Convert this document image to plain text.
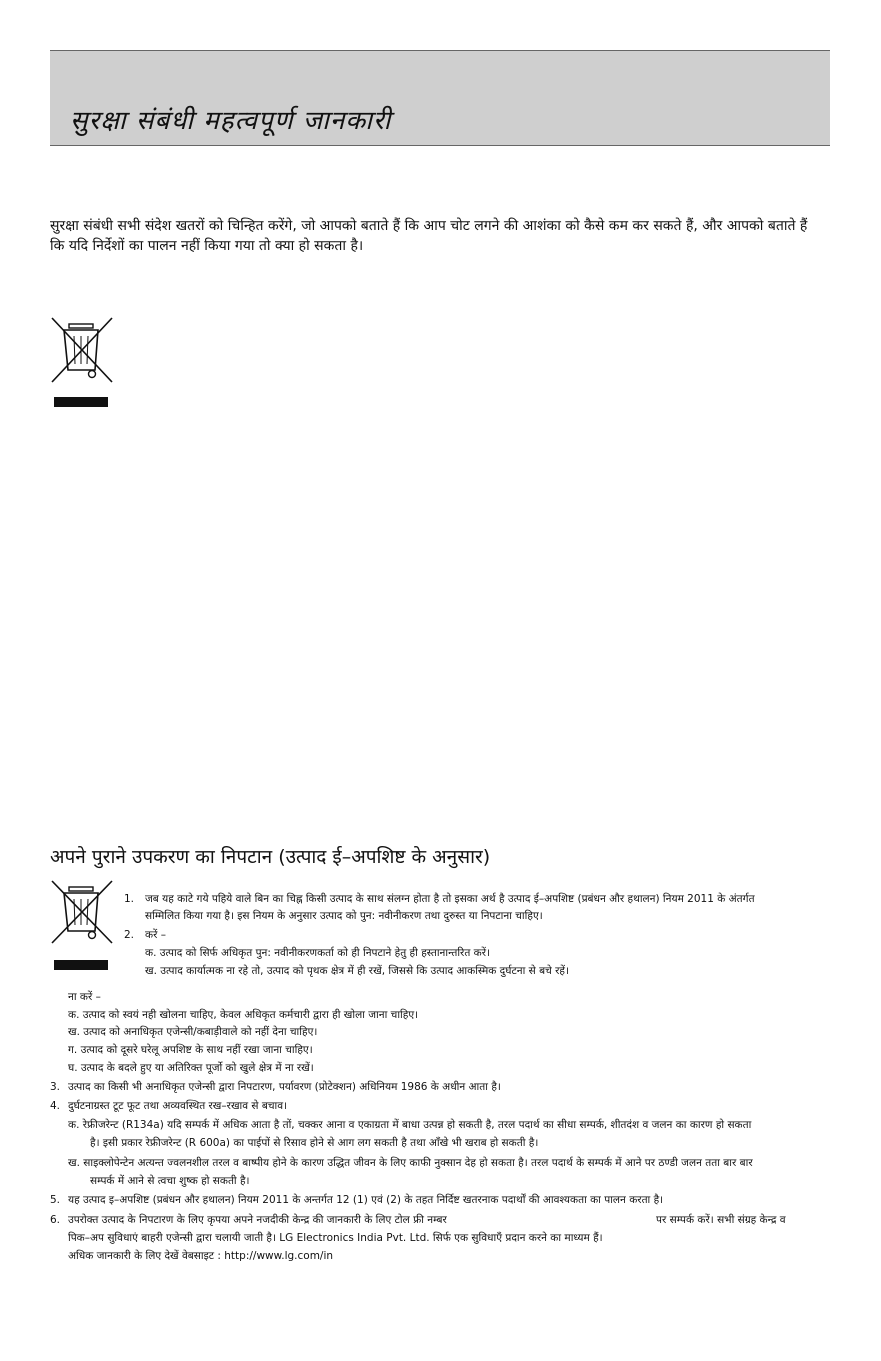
सुरक्षा संबंधी महत्वपूर्ण जानकारी

सुरक्षा संबंधी सभी संदेश खतरों को चिन्हित करेंगे, जो आपको बताते हैं कि आप चोट लगने की आशंका को कैसे कम कर सकते हैं, और आपको बताते हैं कि यदि निर्देशों का पालन नहीं किया गया तो क्या हो सकता है।

अपने पुराने उपकरण का निपटान (उत्पाद ई–अपशिष्ट के अनुसार)
1. जब यह काटे गये पहिये वाले बिन का चिह्न किसी उत्पाद के साथ संलग्न होता है तो इसका अर्थ है उत्पाद ई–अपशिष्ट (प्रबंधन और हथालन) नियम 2011 के अंतर्गत
सम्मिलित किया गया है। इस नियम के अनुसार उत्पाद को पुन: नवीनीकरण तथा दुरुस्त या निपटाना चाहिए।
2. करें –
क. उत्पाद को सिर्फ अधिकृत पुन: नवीनीकरणकर्ता को ही निपटाने हेतु ही हस्तानान्तरित करें।
ख. उत्पाद कार्यात्मक ना रहे तो, उत्पाद को पृथक क्षेत्र में ही रखें, जिससे कि उत्पाद आकस्मिक दुर्घटना से बचे रहें।
ना करें –
क. उत्पाद को स्वयं नही खोलना चाहिए, केवल अधिकृत कर्मचारी द्वारा ही खोला जाना चाहिए।
ख. उत्पाद को अनाधिकृत एजेन्सी/कबाड़ीवाले को नहीं देना चाहिए।
ग. उत्पाद को दूसरे घरेलू अपशिष्ट के साथ नहीं रखा जाना चाहिए।
घ. उत्पाद के बदले हुए या अतिरिक्त पूर्जो को खुले क्षेत्र में ना रखें।
3. उत्पाद का किसी भी अनाधिकृत एजेन्सी द्वारा निपटारण, पर्यावरण (प्रोटेक्शन) अधिनियम 1986 के अधीन आता है।
4. दुर्घटनाग्रस्त टूट फूट तथा अव्यवस्थित रख–रखाव से बचाव।
क. रेफ्रीजरेन्ट (R134a) यदि सम्पर्क में अधिक आता है तों, चक्कर आना व एकाग्रता में बाधा उत्पन्न हो सकती है, तरल पदार्थ का सीधा सम्पर्क, शीतदंश व जलन का कारण हो सकता
है। इसी प्रकार रेफ्रीजरेन्ट (R 600a) का पाईपों से रिसाव होने से आग लग सकती है तथा आँखे भी खराब हो सकती है।
ख. साइक्लोपेन्टेन अत्यन्त ज्वलनशील तरल व बाष्पीय होने के कारण उद्धित जीवन के लिए काफी नुक्सान देह हो सकता है। तरल पदार्थ के सम्पर्क में आने पर ठण्डी जलन तता बार बार
सम्पर्क में आने से त्वचा शुष्क हो सकती है।
5. यह उत्पाद इ–अपशिष्ट (प्रबंधन और हथालन) नियम 2011 के अन्तर्गत 12 (1) एवं (2) के तहत निर्दिष्ट खतरनाक पदार्थों की आवश्यकता का पालन करता है।
6. उपरोक्त उत्पाद के निपटारण के लिए कृपया अपने नजदीकी केन्द्र की जानकारी के लिए टोल फ्री नम्बर	पर सम्पर्क करें। सभी संग्रह केन्द्र व
पिक–अप सुविधाएं बाहरी एजेन्सी द्वारा चलायी जाती है। LG Electronics India Pvt. Ltd. सिर्फ एक सुविधाएँ प्रदान करने का माध्यम हैं।
अधिक जानकारी के लिए देखें वेबसाइट : http://www.lg.com/in
